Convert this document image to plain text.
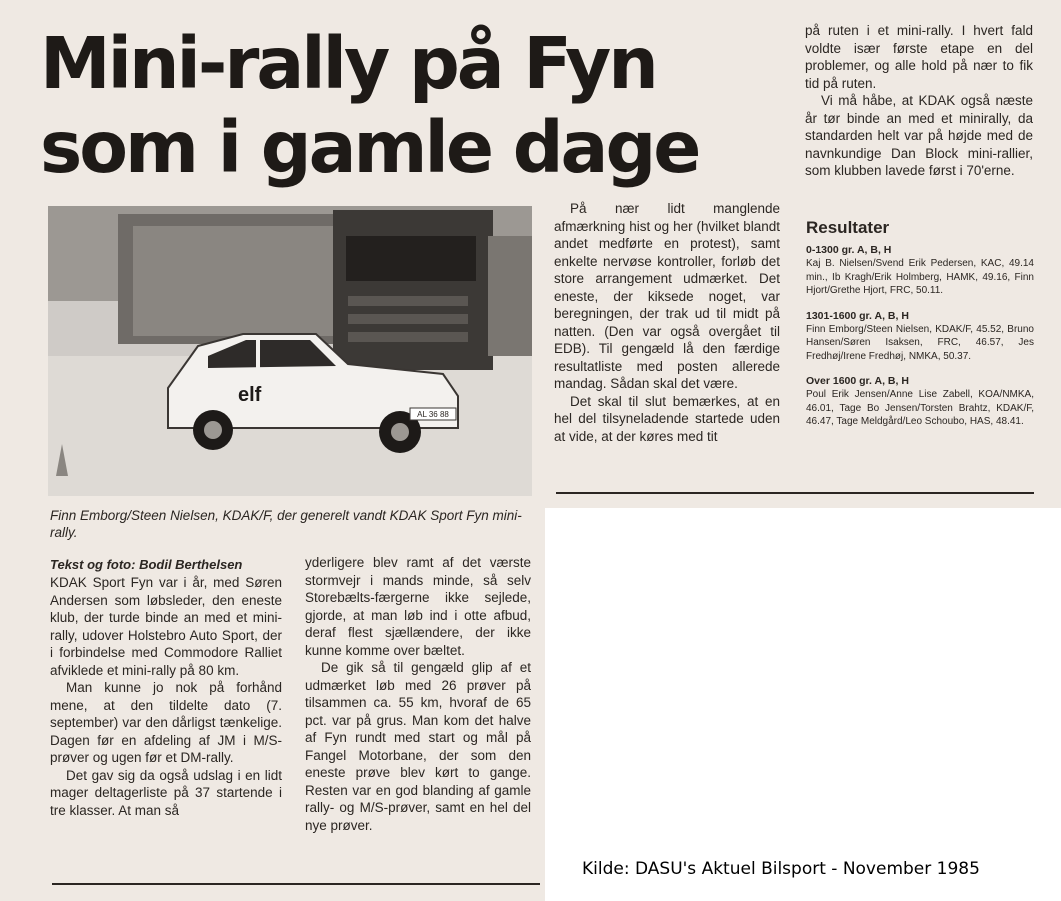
Mini-rally på Fyn
som i gamle dage

på ruten i et mini-rally. I hvert fald voldte især første etape en del problemer, og alle hold på nær to fik tid på ruten.

Vi må håbe, at KDAK også næste år tør binde an med et minirally, da standarden helt var på højde med de navnkundige Dan Block mini-rallier, som klubben lavede først i 70'erne.

AL 36 88
elf

På nær lidt manglende afmærkning hist og her (hvilket blandt andet medførte en protest), samt enkelte nervøse kontroller, forløb det store arrangement udmærket. Det eneste, der kiksede noget, var beregningen, der trak ud til midt på natten. (Den var også overgået til EDB). Til gengæld lå den færdige resultatliste med posten allerede mandag. Sådan skal det være.

Det skal til slut bemærkes, at en hel del tilsyneladende startede uden at vide, at der køres med tit

Resultater

0-1300 gr. A, B, H

Kaj B. Nielsen/Svend Erik Pedersen, KAC, 49.14 min., Ib Kragh/Erik Holmberg, HAMK, 49.16, Finn Hjort/Grethe Hjort, FRC, 50.11.

1301-1600 gr. A, B, H

Finn Emborg/Steen Nielsen, KDAK/F, 45.52, Bruno Hansen/Søren Isaksen, FRC, 46.57, Jes Fredhøj/Irene Fredhøj, NMKA, 50.37.

Over 1600 gr. A, B, H

Poul Erik Jensen/Anne Lise Zabell, KOA/NMKA, 46.01, Tage Bo Jensen/Torsten Brahtz, KDAK/F, 46.47, Tage Meldgård/Leo Schoubo, HAS, 48.41.

Finn Emborg/Steen Nielsen, KDAK/F, der generelt vandt KDAK Sport Fyn mini-rally.
Tekst og foto: Bodil Berthelsen

KDAK Sport Fyn var i år, med Søren Andersen som løbsleder, den eneste klub, der turde binde an med et mini-rally, udover Holstebro Auto Sport, der i forbindelse med Commodore Ralliet afviklede et mini-rally på 80 km.

Man kunne jo nok på forhånd mene, at den tildelte dato (7. september) var den dårligst tænkelige. Dagen før en afdeling af JM i M/S-prøver og ugen før et DM-rally.

Det gav sig da også udslag i en lidt mager deltagerliste på 37 startende i tre klasser. At man så

yderligere blev ramt af det værste stormvejr i mands minde, så selv Storebælts-færgerne ikke sejlede, gjorde, at man løb ind i otte afbud, deraf flest sjællændere, der ikke kunne komme over bæltet.

De gik så til gengæld glip af et udmærket løb med 26 prøver på tilsammen ca. 55 km, hvoraf de 65 pct. var på grus. Man kom det halve af Fyn rundt med start og mål på Fangel Motorbane, der som den eneste prøve blev kørt to gange. Resten var en god blanding af gamle rally- og M/S-prøver, samt en hel del nye prøver.

Kilde: DASU's Aktuel Bilsport - November 1985
